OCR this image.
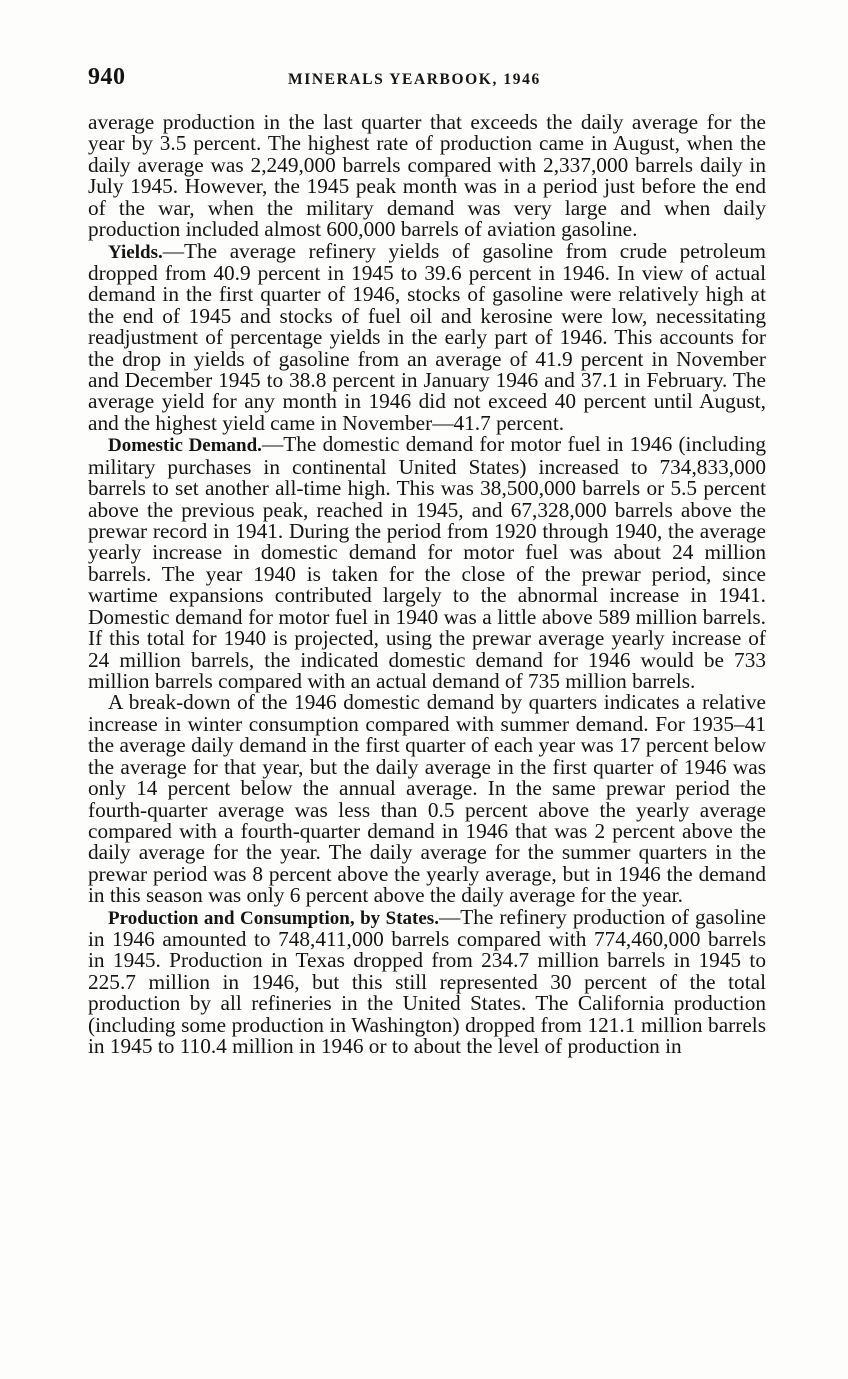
940	MINERALS YEARBOOK, 1946

average production in the last quarter that exceeds the daily average for the year by 3.5 percent. The highest rate of production came in August, when the daily average was 2,249,000 barrels compared with 2,337,000 barrels daily in July 1945. However, the 1945 peak month was in a period just before the end of the war, when the military demand was very large and when daily production included almost 600,000 barrels of aviation gasoline.

Yields.—The average refinery yields of gasoline from crude petroleum dropped from 40.9 percent in 1945 to 39.6 percent in 1946. In view of actual demand in the first quarter of 1946, stocks of gasoline were relatively high at the end of 1945 and stocks of fuel oil and kerosine were low, necessitating readjustment of percentage yields in the early part of 1946. This accounts for the drop in yields of gasoline from an average of 41.9 percent in November and December 1945 to 38.8 percent in January 1946 and 37.1 in February. The average yield for any month in 1946 did not exceed 40 percent until August, and the highest yield came in November—41.7 percent.

Domestic Demand.—The domestic demand for motor fuel in 1946 (including military purchases in continental United States) increased to 734,833,000 barrels to set another all-time high. This was 38,500,000 barrels or 5.5 percent above the previous peak, reached in 1945, and 67,328,000 barrels above the prewar record in 1941. During the period from 1920 through 1940, the average yearly increase in domestic demand for motor fuel was about 24 million barrels. The year 1940 is taken for the close of the prewar period, since wartime expansions contributed largely to the abnormal increase in 1941. Domestic demand for motor fuel in 1940 was a little above 589 million barrels. If this total for 1940 is projected, using the prewar average yearly increase of 24 million barrels, the indicated domestic demand for 1946 would be 733 million barrels compared with an actual demand of 735 million barrels.

A break-down of the 1946 domestic demand by quarters indicates a relative increase in winter consumption compared with summer demand. For 1935–41 the average daily demand in the first quarter of each year was 17 percent below the average for that year, but the daily average in the first quarter of 1946 was only 14 percent below the annual average. In the same prewar period the fourth-quarter average was less than 0.5 percent above the yearly average compared with a fourth-quarter demand in 1946 that was 2 percent above the daily average for the year. The daily average for the summer quarters in the prewar period was 8 percent above the yearly average, but in 1946 the demand in this season was only 6 percent above the daily average for the year.

Production and Consumption, by States.—The refinery production of gasoline in 1946 amounted to 748,411,000 barrels compared with 774,460,000 barrels in 1945. Production in Texas dropped from 234.7 million barrels in 1945 to 225.7 million in 1946, but this still represented 30 percent of the total production by all refineries in the United States. The California production (including some production in Washington) dropped from 121.1 million barrels in 1945 to 110.4 million in 1946 or to about the level of production in
